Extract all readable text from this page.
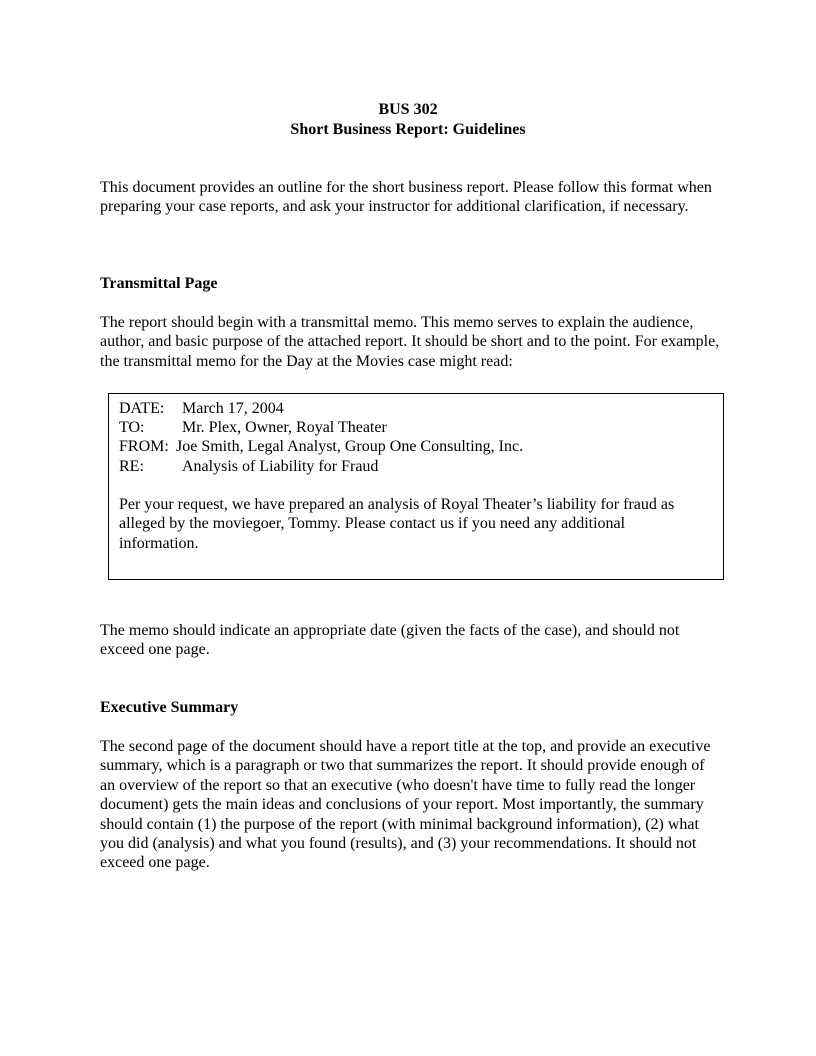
BUS 302
Short Business Report: Guidelines
This document provides an outline for the short business report. Please follow this format when
preparing your case reports, and ask your instructor for additional clarification, if necessary.
Transmittal Page
The report should begin with a transmittal memo. This memo serves to explain the audience,
author, and basic purpose of the attached report. It should be short and to the point. For example,
the transmittal memo for the Day at the Movies case might read:
DATE: March 17, 2004
TO: Mr. Plex, Owner, Royal Theater
FROM: Joe Smith, Legal Analyst, Group One Consulting, Inc.
RE: Analysis of Liability for Fraud
Per your request, we have prepared an analysis of Royal Theater’s liability for fraud as
alleged by the moviegoer, Tommy. Please contact us if you need any additional
information.
The memo should indicate an appropriate date (given the facts of the case), and should not
exceed one page.
Executive Summary
The second page of the document should have a report title at the top, and provide an executive
summary, which is a paragraph or two that summarizes the report. It should provide enough of
an overview of the report so that an executive (who doesn't have time to fully read the longer
document) gets the main ideas and conclusions of your report. Most importantly, the summary
should contain (1) the purpose of the report (with minimal background information), (2) what
you did (analysis) and what you found (results), and (3) your recommendations. It should not
exceed one page.
